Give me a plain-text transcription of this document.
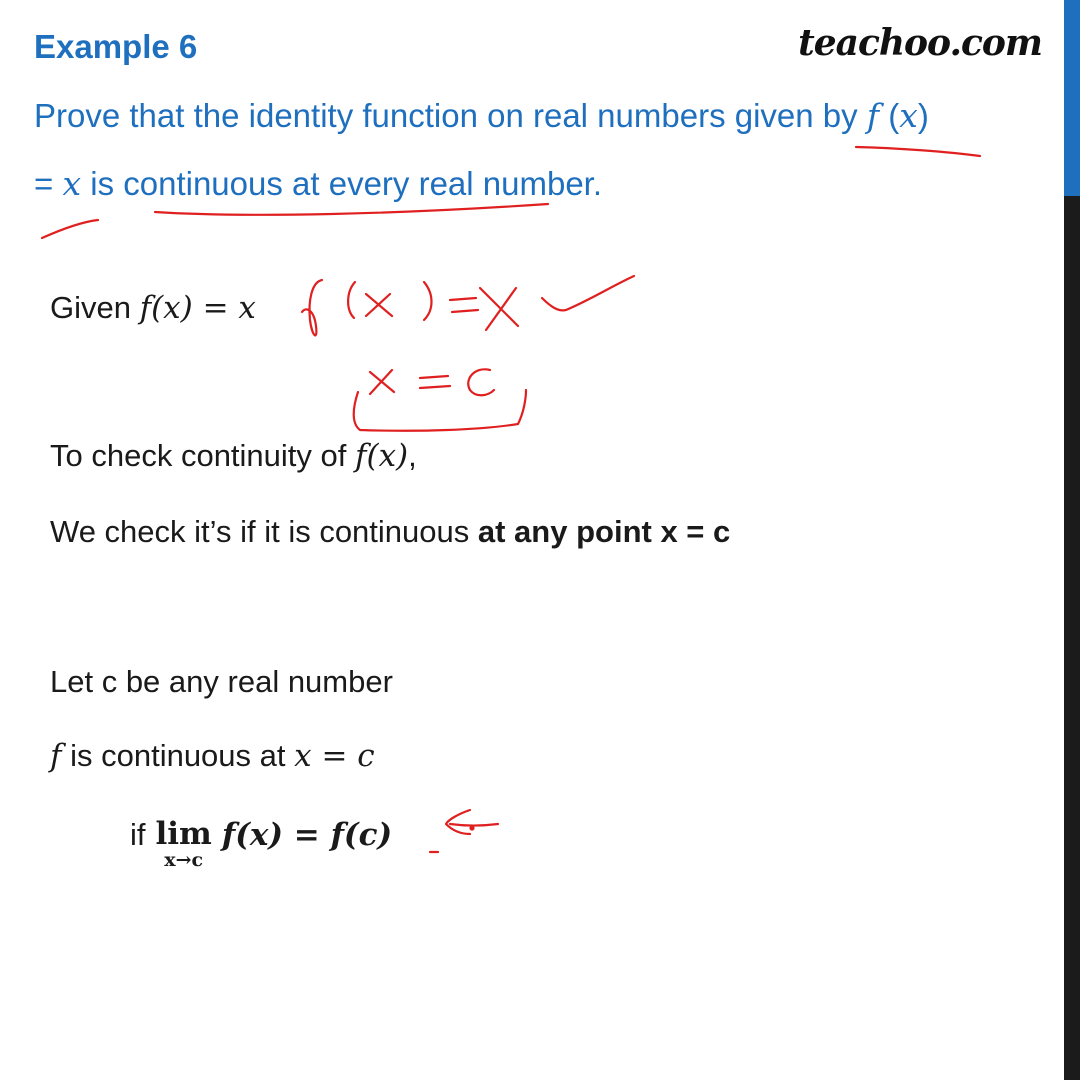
Example 6	teachoo.com
Prove that the identity function on real numbers given by f (x)
= x is continuous at every real number.
Given f(x) = x
To check continuity of f(x),
We check it’s if it is continuous at any point x = c
Let c be any real number
f is continuous at x = c
if lim
x→c
f(x) = f(c)
